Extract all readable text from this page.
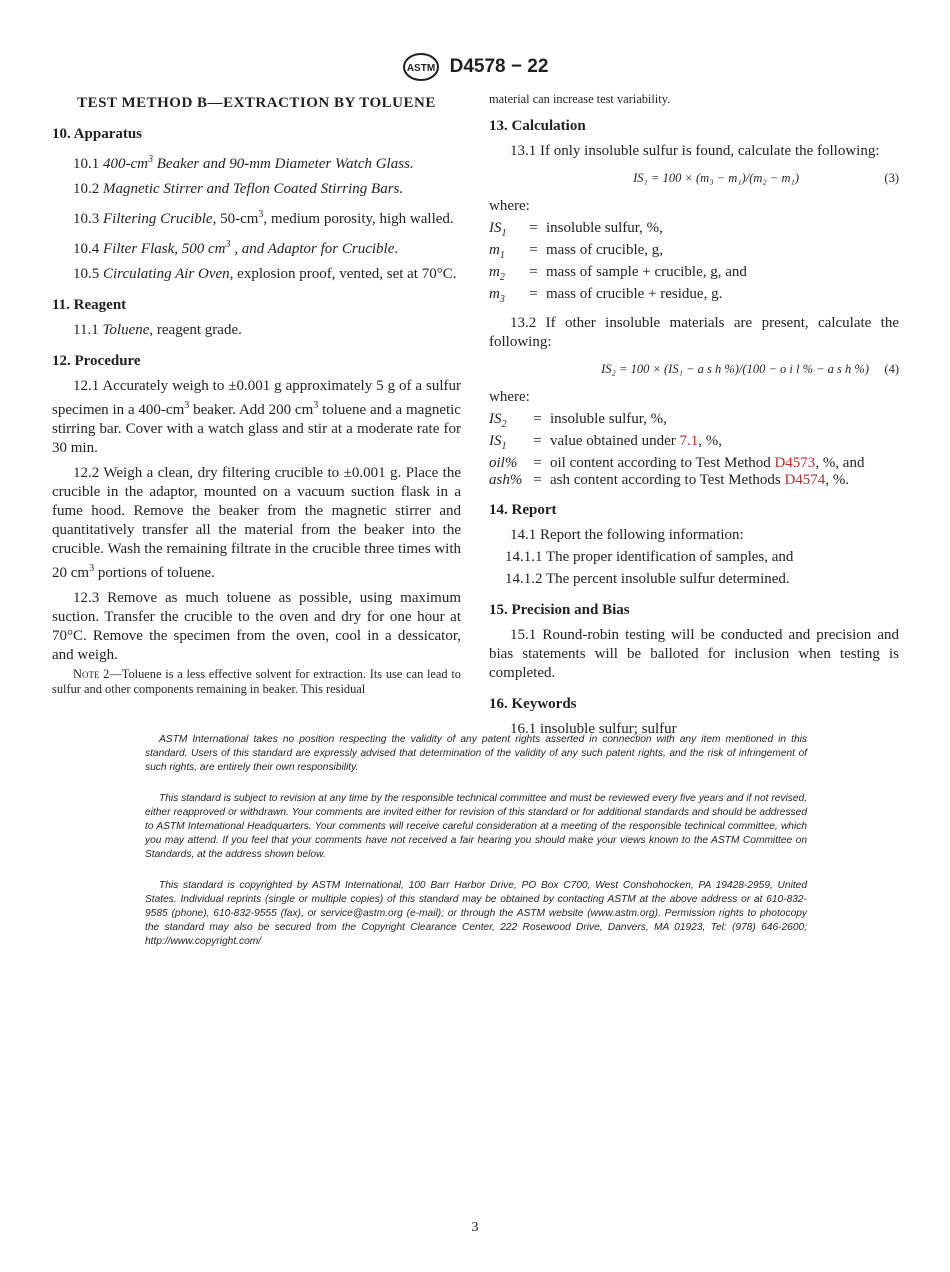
ASTM D4578 − 22

TEST METHOD B—EXTRACTION BY TOLUENE

10. Apparatus

10.1 $400-cm^3$ Beaker and 90-mm Diameter Watch Glass.

10.2 Magnetic Stirrer and Teflon Coated Stirring Bars.

10.3 Filtering Crucible, $50-cm^3$, medium porosity, high walled.

10.4 Filter Flask, 500 $cm^3$ , and Adaptor for Crucible.

10.5 Circulating Air Oven, explosion proof, vented, set at 70°C.

11. Reagent

11.1 Toluene, reagent grade.

12. Procedure

12.1 Accurately weigh to ±0.001 g approximately 5 g of a sulfur specimen in a $400-cm^3$ beaker. Add 200 $cm^3$ toluene and a magnetic stirring bar. Cover with a watch glass and stir at a moderate rate for 30 min.

12.2 Weigh a clean, dry filtering crucible to ±0.001 g. Place the crucible in the adaptor, mounted on a vacuum suction flask in a fume hood. Remove the beaker from the magnetic stirrer and quantitatively transfer all the material from the beaker into the crucible. Wash the remaining filtrate in the crucible three times with 20 $cm^3$ portions of toluene.

12.3 Remove as much toluene as possible, using maximum suction. Transfer the crucible to the oven and dry for one hour at 70°C. Remove the specimen from the oven, cool in a dessicator, and weigh.

Note 2—Toluene is a less effective solvent for extraction. Its use can lead to sulfur and other components remaining in beaker. This residual

material can increase test variability.

13. Calculation

13.1 If only insoluble sulfur is found, calculate the following:

IS₁ = 100 × (m₃ − m₁)/(m₂ − m₁)	(3)

where:

$IS_1$	=	insoluble sulfur, %,
$m_1$	=	mass of crucible, g,
$m_2$	=	mass of sample + crucible, g, and
$m_3$	=	mass of crucible + residue, g.

13.2 If other insoluble materials are present, calculate the following:

IS₂ = 100 × (IS₁ − a s h %)/(100 − o i l % − a s h %) (4)

where:

$IS_2$	=	insoluble sulfur, %,
$IS_1$	=	value obtained under 7.1, %,
oil%	=	oil content according to Test Method D4573, %, and
ash%	=	ash content according to Test Methods D4574, %.

14. Report

14.1 Report the following information:

14.1.1 The proper identification of samples, and

14.1.2 The percent insoluble sulfur determined.

15. Precision and Bias

15.1 Round-robin testing will be conducted and precision and bias statements will be balloted for inclusion when testing is completed.

16. Keywords

16.1 insoluble sulfur; sulfur

ASTM International takes no position respecting the validity of any patent rights asserted in connection with any item mentioned in this standard. Users of this standard are expressly advised that determination of the validity of any such patent rights, and the risk of infringement of such rights, are entirely their own responsibility.

This standard is subject to revision at any time by the responsible technical committee and must be reviewed every five years and if not revised, either reapproved or withdrawn. Your comments are invited either for revision of this standard or for additional standards and should be addressed to ASTM International Headquarters. Your comments will receive careful consideration at a meeting of the responsible technical committee, which you may attend. If you feel that your comments have not received a fair hearing you should make your views known to the ASTM Committee on Standards, at the address shown below.

This standard is copyrighted by ASTM International, 100 Barr Harbor Drive, PO Box C700, West Conshohocken, PA 19428-2959, United States. Individual reprints (single or multiple copies) of this standard may be obtained by contacting ASTM at the above address or at 610-832-9585 (phone), 610-832-9555 (fax), or service@astm.org (e-mail); or through the ASTM website (www.astm.org). Permission rights to photocopy the standard may also be secured from the Copyright Clearance Center, 222 Rosewood Drive, Danvers, MA 01923, Tel: (978) 646-2600; http://www.copyright.com/

3
